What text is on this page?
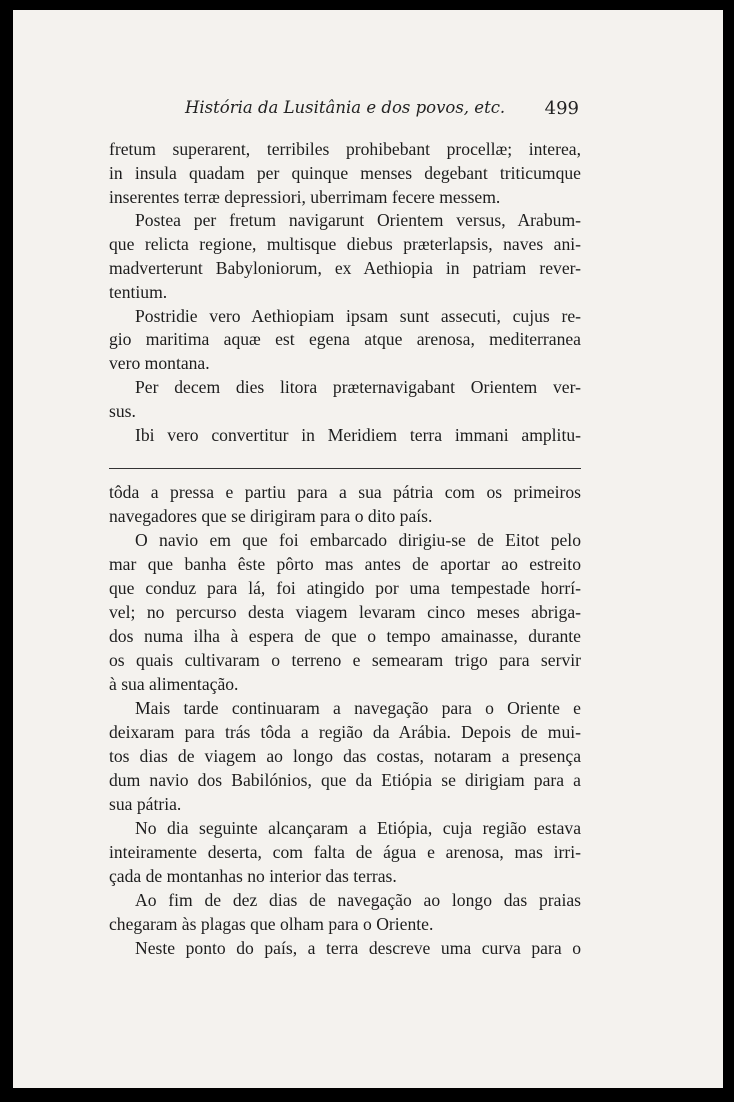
História da Lusitânia e dos povos, etc. 499
fretum superarent, terribiles prohibebant procellæ; interea,
in insula quadam per quinque menses degebant triticumque
inserentes terræ depressiori, uberrimam fecere messem.
Postea per fretum navigarunt Orientem versus, Arabum-
que relicta regione, multisque diebus præterlapsis, naves ani-
madverterunt Babyloniorum, ex Aethiopia in patriam rever-
tentium.
Postridie vero Aethiopiam ipsam sunt assecuti, cujus re-
gio maritima aquæ est egena atque arenosa, mediterranea
vero montana.
Per decem dies litora prӕternavigabant Orientem ver-
sus.
Ibi vero convertitur in Meridiem terra immani amplitu-
tôda a pressa e partiu para a sua pátria com os primeiros
navegadores que se dirigiram para o dito país.
O navio em que foi embarcado dirigiu-se de Eitot pelo
mar que banha êste pôrto mas antes de aportar ao estreito
que conduz para lá, foi atingido por uma tempestade horrí-
vel; no percurso desta viagem levaram cinco meses abriga-
dos numa ilha à espera de que o tempo amainasse, durante
os quais cultivaram o terreno e semearam trigo para servir
à sua alimentação.
Mais tarde continuaram a navegação para o Oriente e
deixaram para trás tôda a região da Arábia. Depois de mui-
tos dias de viagem ao longo das costas, notaram a presença
dum navio dos Babilónios, que da Etiópia se dirigiam para a
sua pátria.
No dia seguinte alcançaram a Etiópia, cuja região estava
inteiramente deserta, com falta de água e arenosa, mas irri-
çada de montanhas no interior das terras.
Ao fim de dez dias de navegação ao longo das praias
chegaram às plagas que olham para o Oriente.
Neste ponto do país, a terra descreve uma curva para o
